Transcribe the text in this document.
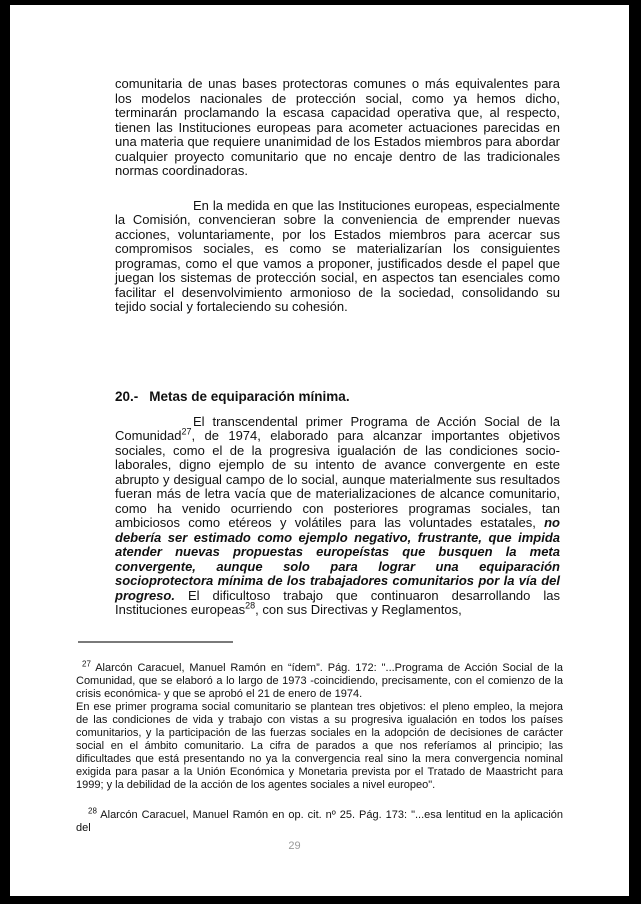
comunitaria de unas bases protectoras comunes o más equivalentes para los modelos nacionales de protección social, como ya hemos dicho, terminarán proclamando la escasa capacidad operativa que, al respecto, tienen las Instituciones europeas para acometer actuaciones parecidas en una materia que requiere unanimidad de los Estados miembros para abordar cualquier proyecto comunitario que no encaje dentro de las tradicionales normas coordinadoras.

En la medida en que las Instituciones europeas, especialmente la Comisión, convencieran sobre la conveniencia de emprender nuevas acciones, voluntariamente, por los Estados miembros para acercar sus compromisos sociales, es como se materializarían los consiguientes programas, como el que vamos a proponer, justificados desde el papel que juegan los sistemas de protección social, en aspectos tan esenciales como facilitar el desenvolvimiento armonioso de la sociedad, consolidando su tejido social y fortaleciendo su cohesión.

20.- Metas de equiparación mínima.

El transcendental primer Programa de Acción Social de la Comunidad$^{27}$, de 1974, elaborado para alcanzar importantes objetivos sociales, como el de la progresiva igualación de las condiciones socio-laborales, digno ejemplo de su intento de avance convergente en este abrupto y desigual campo de lo social, aunque materialmente sus resultados fueran más de letra vacía que de materializaciones de alcance comunitario, como ha venido ocurriendo con posteriores programas sociales, tan ambiciosos como etéreos y volátiles para las voluntades estatales, no debería ser estimado como ejemplo negativo, frustrante, que impida atender nuevas propuestas europeístas que busquen la meta convergente, aunque solo para lograr una equiparación socioprotectora mínima de los trabajadores comunitarios por la vía del progreso. El dificultoso trabajo que continuaron desarrollando las Instituciones europeas$^{28}$, con sus Directivas y Reglamentos,

$^{27}$ Alarcón Caracuel, Manuel Ramón en “ídem”. Pág. 172: "...Programa de Acción Social de la Comunidad, que se elaboró a lo largo de 1973 -coincidiendo, precisamente, con el comienzo de la crisis económica- y que se aprobó el 21 de enero de 1974.

En ese primer programa social comunitario se plantean tres objetivos: el pleno empleo, la mejora de las condiciones de vida y trabajo con vistas a su progresiva igualación en todos los países comunitarios, y la participación de las fuerzas sociales en la adopción de decisiones de carácter social en el ámbito comunitario. La cifra de parados a que nos referíamos al principio; las dificultades que está presentando no ya la convergencia real sino la mera convergencia nominal exigida para pasar a la Unión Económica y Monetaria prevista por el Tratado de Maastricht para 1999; y la debilidad de la acción de los agentes sociales a nivel europeo".

$^{28}$ Alarcón Caracuel, Manuel Ramón en op. cit. nº 25. Pág. 173: "...esa lentitud en la aplicación del

29
